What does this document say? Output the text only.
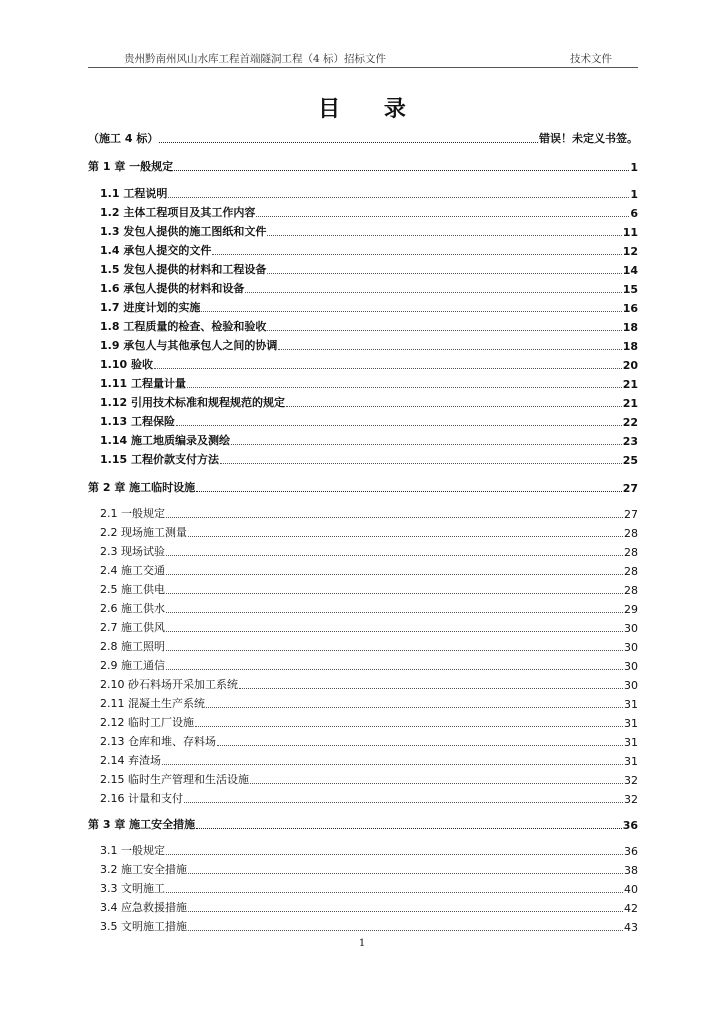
贵州黔南州风山水库工程首端隧洞工程（4 标）招标文件	技术文件
目 录
（施工 4 标）	错误！未定义书签。
第 1 章 一般规定	1
1.1 工程说明	1
1.2 主体工程项目及其工作内容	6
1.3 发包人提供的施工图纸和文件	11
1.4 承包人提交的文件	12
1.5 发包人提供的材料和工程设备	14
1.6 承包人提供的材料和设备	15
1.7 进度计划的实施	16
1.8 工程质量的检查、检验和验收	18
1.9 承包人与其他承包人之间的协调	18
1.10 验收	20
1.11 工程量计量	21
1.12 引用技术标准和规程规范的规定	21
1.13 工程保险	22
1.14 施工地质编录及测绘	23
1.15 工程价款支付方法	25
第 2 章 施工临时设施	27
2.1 一般规定	27
2.2 现场施工测量	28
2.3 现场试验	28
2.4 施工交通	28
2.5 施工供电	28
2.6 施工供水	29
2.7 施工供风	30
2.8 施工照明	30
2.9 施工通信	30
2.10 砂石料场开采加工系统	30
2.11 混凝土生产系统	31
2.12 临时工厂设施	31
2.13 仓库和堆、存料场	31
2.14 弃渣场	31
2.15 临时生产管理和生活设施	32
2.16 计量和支付	32
第 3 章 施工安全措施	36
3.1 一般规定	36
3.2 施工安全措施	38
3.3 文明施工	40
3.4 应急救援措施	42
3.5 文明施工措施	43
1
